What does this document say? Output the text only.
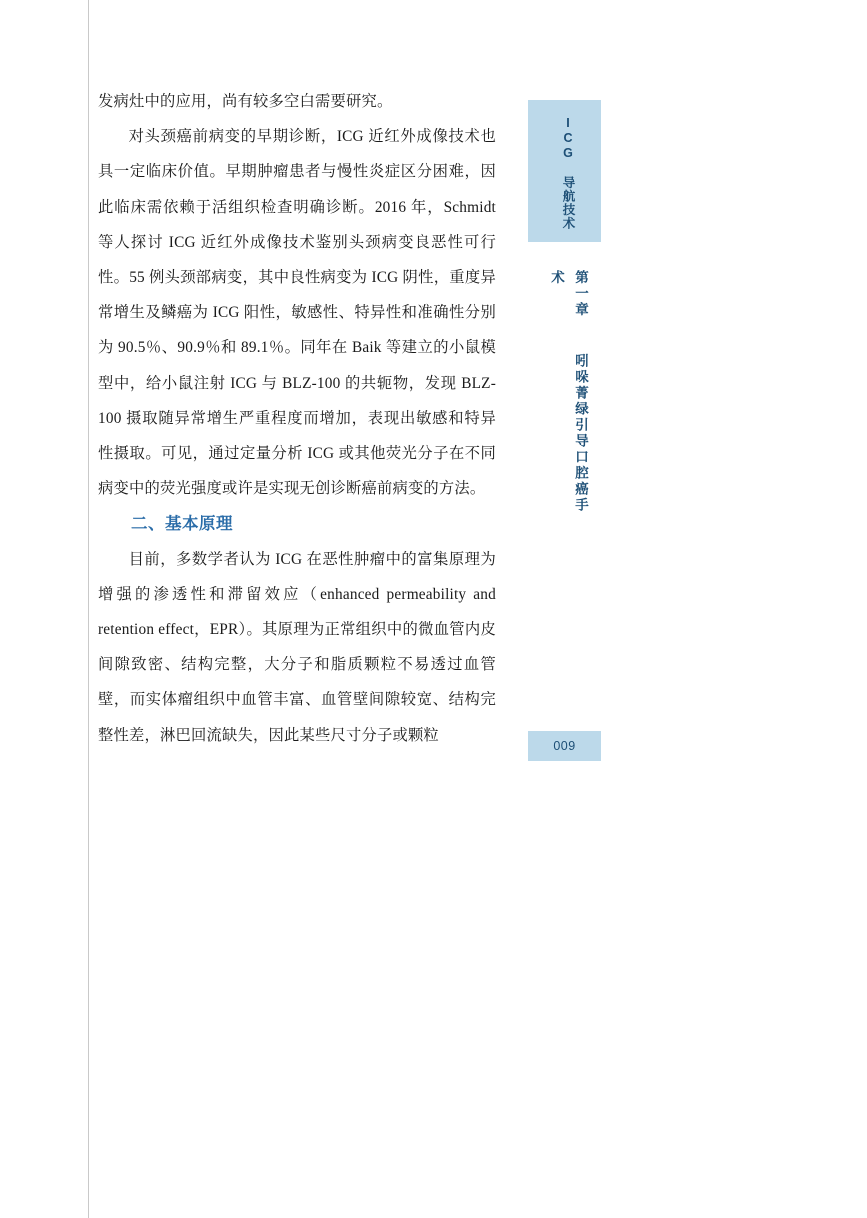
发病灶中的应用，尚有较多空白需要研究。

对头颈癌前病变的早期诊断，ICG 近红外成像技术也具一定临床价值。早期肿瘤患者与慢性炎症区分困难，因此临床需依赖于活组织检查明确诊断。2016 年，Schmidt 等人探讨 ICG 近红外成像技术鉴别头颈病变良恶性可行性。55 例头颈部病变，其中良性病变为 ICG 阴性，重度异常增生及鳞癌为 ICG 阳性，敏感性、特异性和准确性分别为 90.5％、90.9％和 89.1％。同年在 Baik 等建立的小鼠模型中，给小鼠注射 ICG 与 BLZ-100 的共轭物，发现 BLZ-100 摄取随异常增生严重程度而增加，表现出敏感和特异性摄取。可见，通过定量分析 ICG 或其他荧光分子在不同病变中的荧光强度或许是实现无创诊断癌前病变的方法。

二、基本原理

目前，多数学者认为 ICG 在恶性肿瘤中的富集原理为增强的渗透性和滞留效应（enhanced permeability and retention effect，EPR）。其原理为正常组织中的微血管内皮间隙致密、结构完整，大分子和脂质颗粒不易透过血管壁，而实体瘤组织中血管丰富、血管壁间隙较宽、结构完整性差，淋巴回流缺失，因此某些尺寸分子或颗粒

ICG 导航技术
第一章 吲哚菁绿引导口腔癌手术
009
